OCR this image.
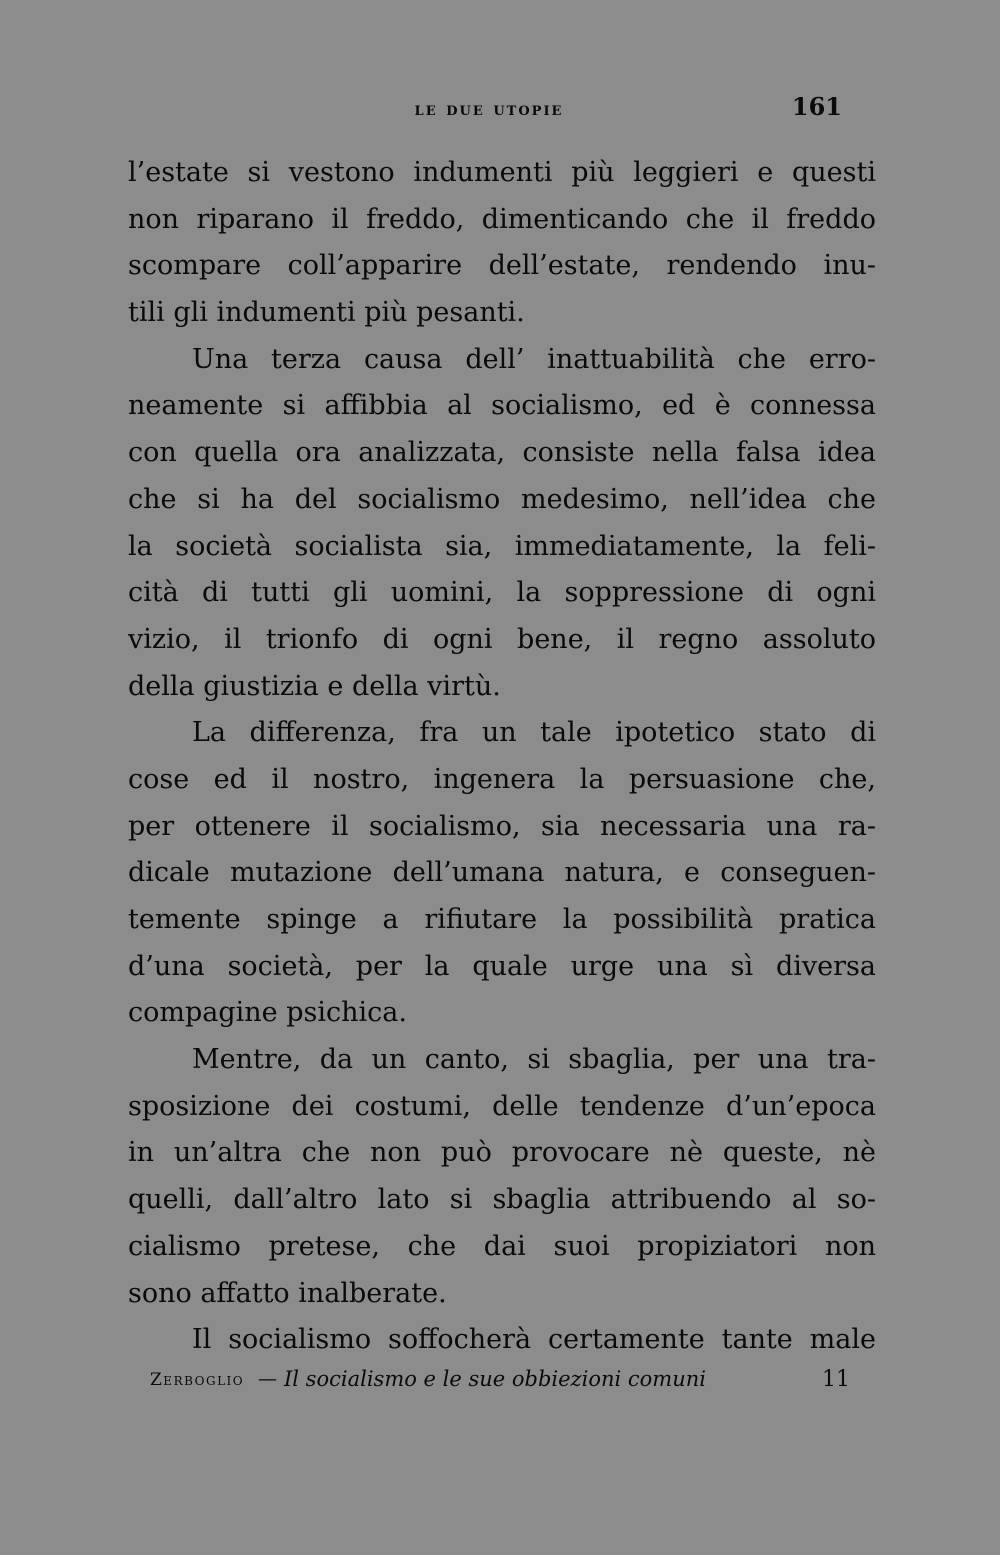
le due utopie	161
l’estate si vestono indumenti più leggieri e questi
non riparano il freddo, dimenticando che il freddo
scompare coll’apparire dell’estate, rendendo inu-
tili gli indumenti più pesanti.
Una terza causa dell’ inattuabilità che erro-
neamente si affibbia al socialismo, ed è connessa
con quella ora analizzata, consiste nella falsa idea
che si ha del socialismo medesimo, nell’idea che
la società socialista sia, immediatamente, la feli-
cità di tutti gli uomini, la soppressione di ogni
vizio, il trionfo di ogni bene, il regno assoluto
della giustizia e della virtù.
La differenza, fra un tale ipotetico stato di
cose ed il nostro, ingenera la persuasione che,
per ottenere il socialismo, sia necessaria una ra-
dicale mutazione dell’umana natura, e conseguen-
temente spinge a rifiutare la possibilità pratica
d’una società, per la quale urge una sì diversa
compagine psichica.
Mentre, da un canto, si sbaglia, per una tra-
sposizione dei costumi, delle tendenze d’un’epoca
in un’altra che non può provocare nè queste, nè
quelli, dall’altro lato si sbaglia attribuendo al so-
cialismo pretese, che dai suoi propiziatori non
sono affatto inalberate.
Il socialismo soffocherà certamente tante male
Zerboglio — Il socialismo e le sue obbiezioni comuni	11
